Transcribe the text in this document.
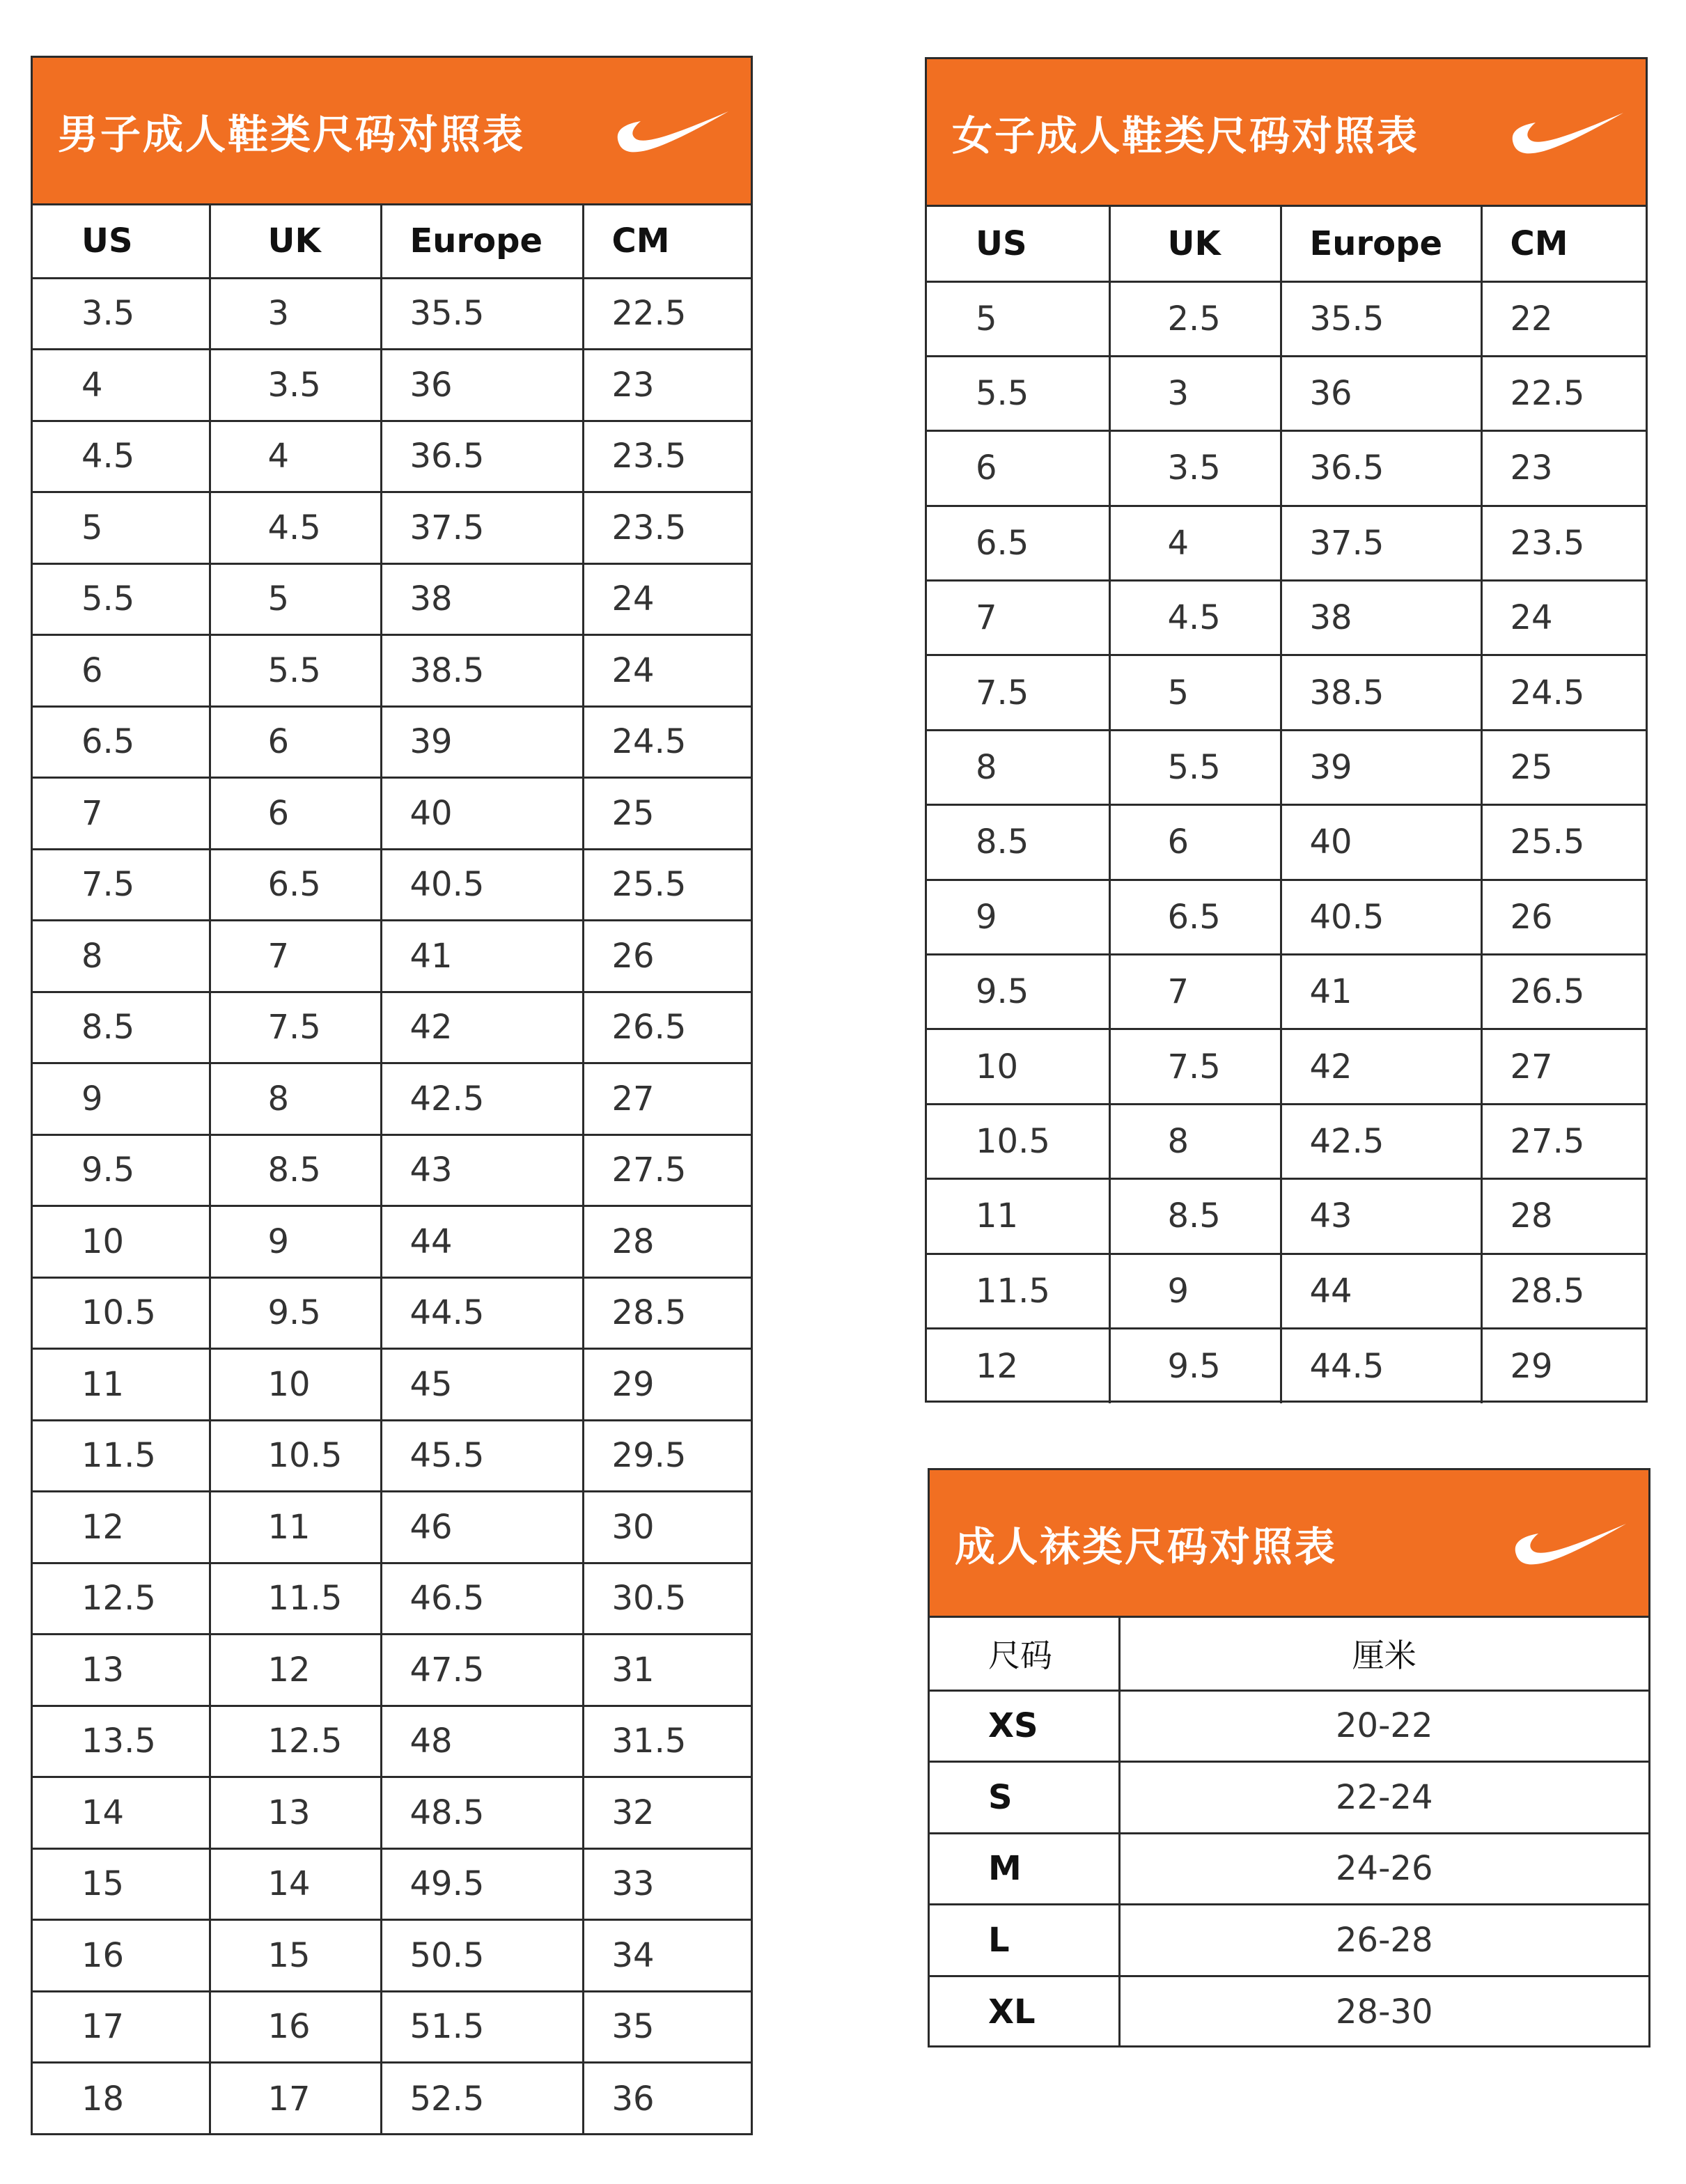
男子成人鞋类尺码对照表
US	UK	Europe	CM
3.5	3	35.5	22.5
4	3.5	36	23
4.5	4	36.5	23.5
5	4.5	37.5	23.5
5.5	5	38	24
6	5.5	38.5	24
6.5	6	39	24.5
7	6	40	25
7.5	6.5	40.5	25.5
8	7	41	26
8.5	7.5	42	26.5
9	8	42.5	27
9.5	8.5	43	27.5
10	9	44	28
10.5	9.5	44.5	28.5
11	10	45	29
11.5	10.5	45.5	29.5
12	11	46	30
12.5	11.5	46.5	30.5
13	12	47.5	31
13.5	12.5	48	31.5
14	13	48.5	32
15	14	49.5	33
16	15	50.5	34
17	16	51.5	35
18	17	52.5	36
女子成人鞋类尺码对照表
US	UK	Europe	CM
5	2.5	35.5	22
5.5	3	36	22.5
6	3.5	36.5	23
6.5	4	37.5	23.5
7	4.5	38	24
7.5	5	38.5	24.5
8	5.5	39	25
8.5	6	40	25.5
9	6.5	40.5	26
9.5	7	41	26.5
10	7.5	42	27
10.5	8	42.5	27.5
11	8.5	43	28
11.5	9	44	28.5
12	9.5	44.5	29
成人袜类尺码对照表
尺码	厘米
XS	20-22
S	22-24
M	24-26
L	26-28
XL	28-30
